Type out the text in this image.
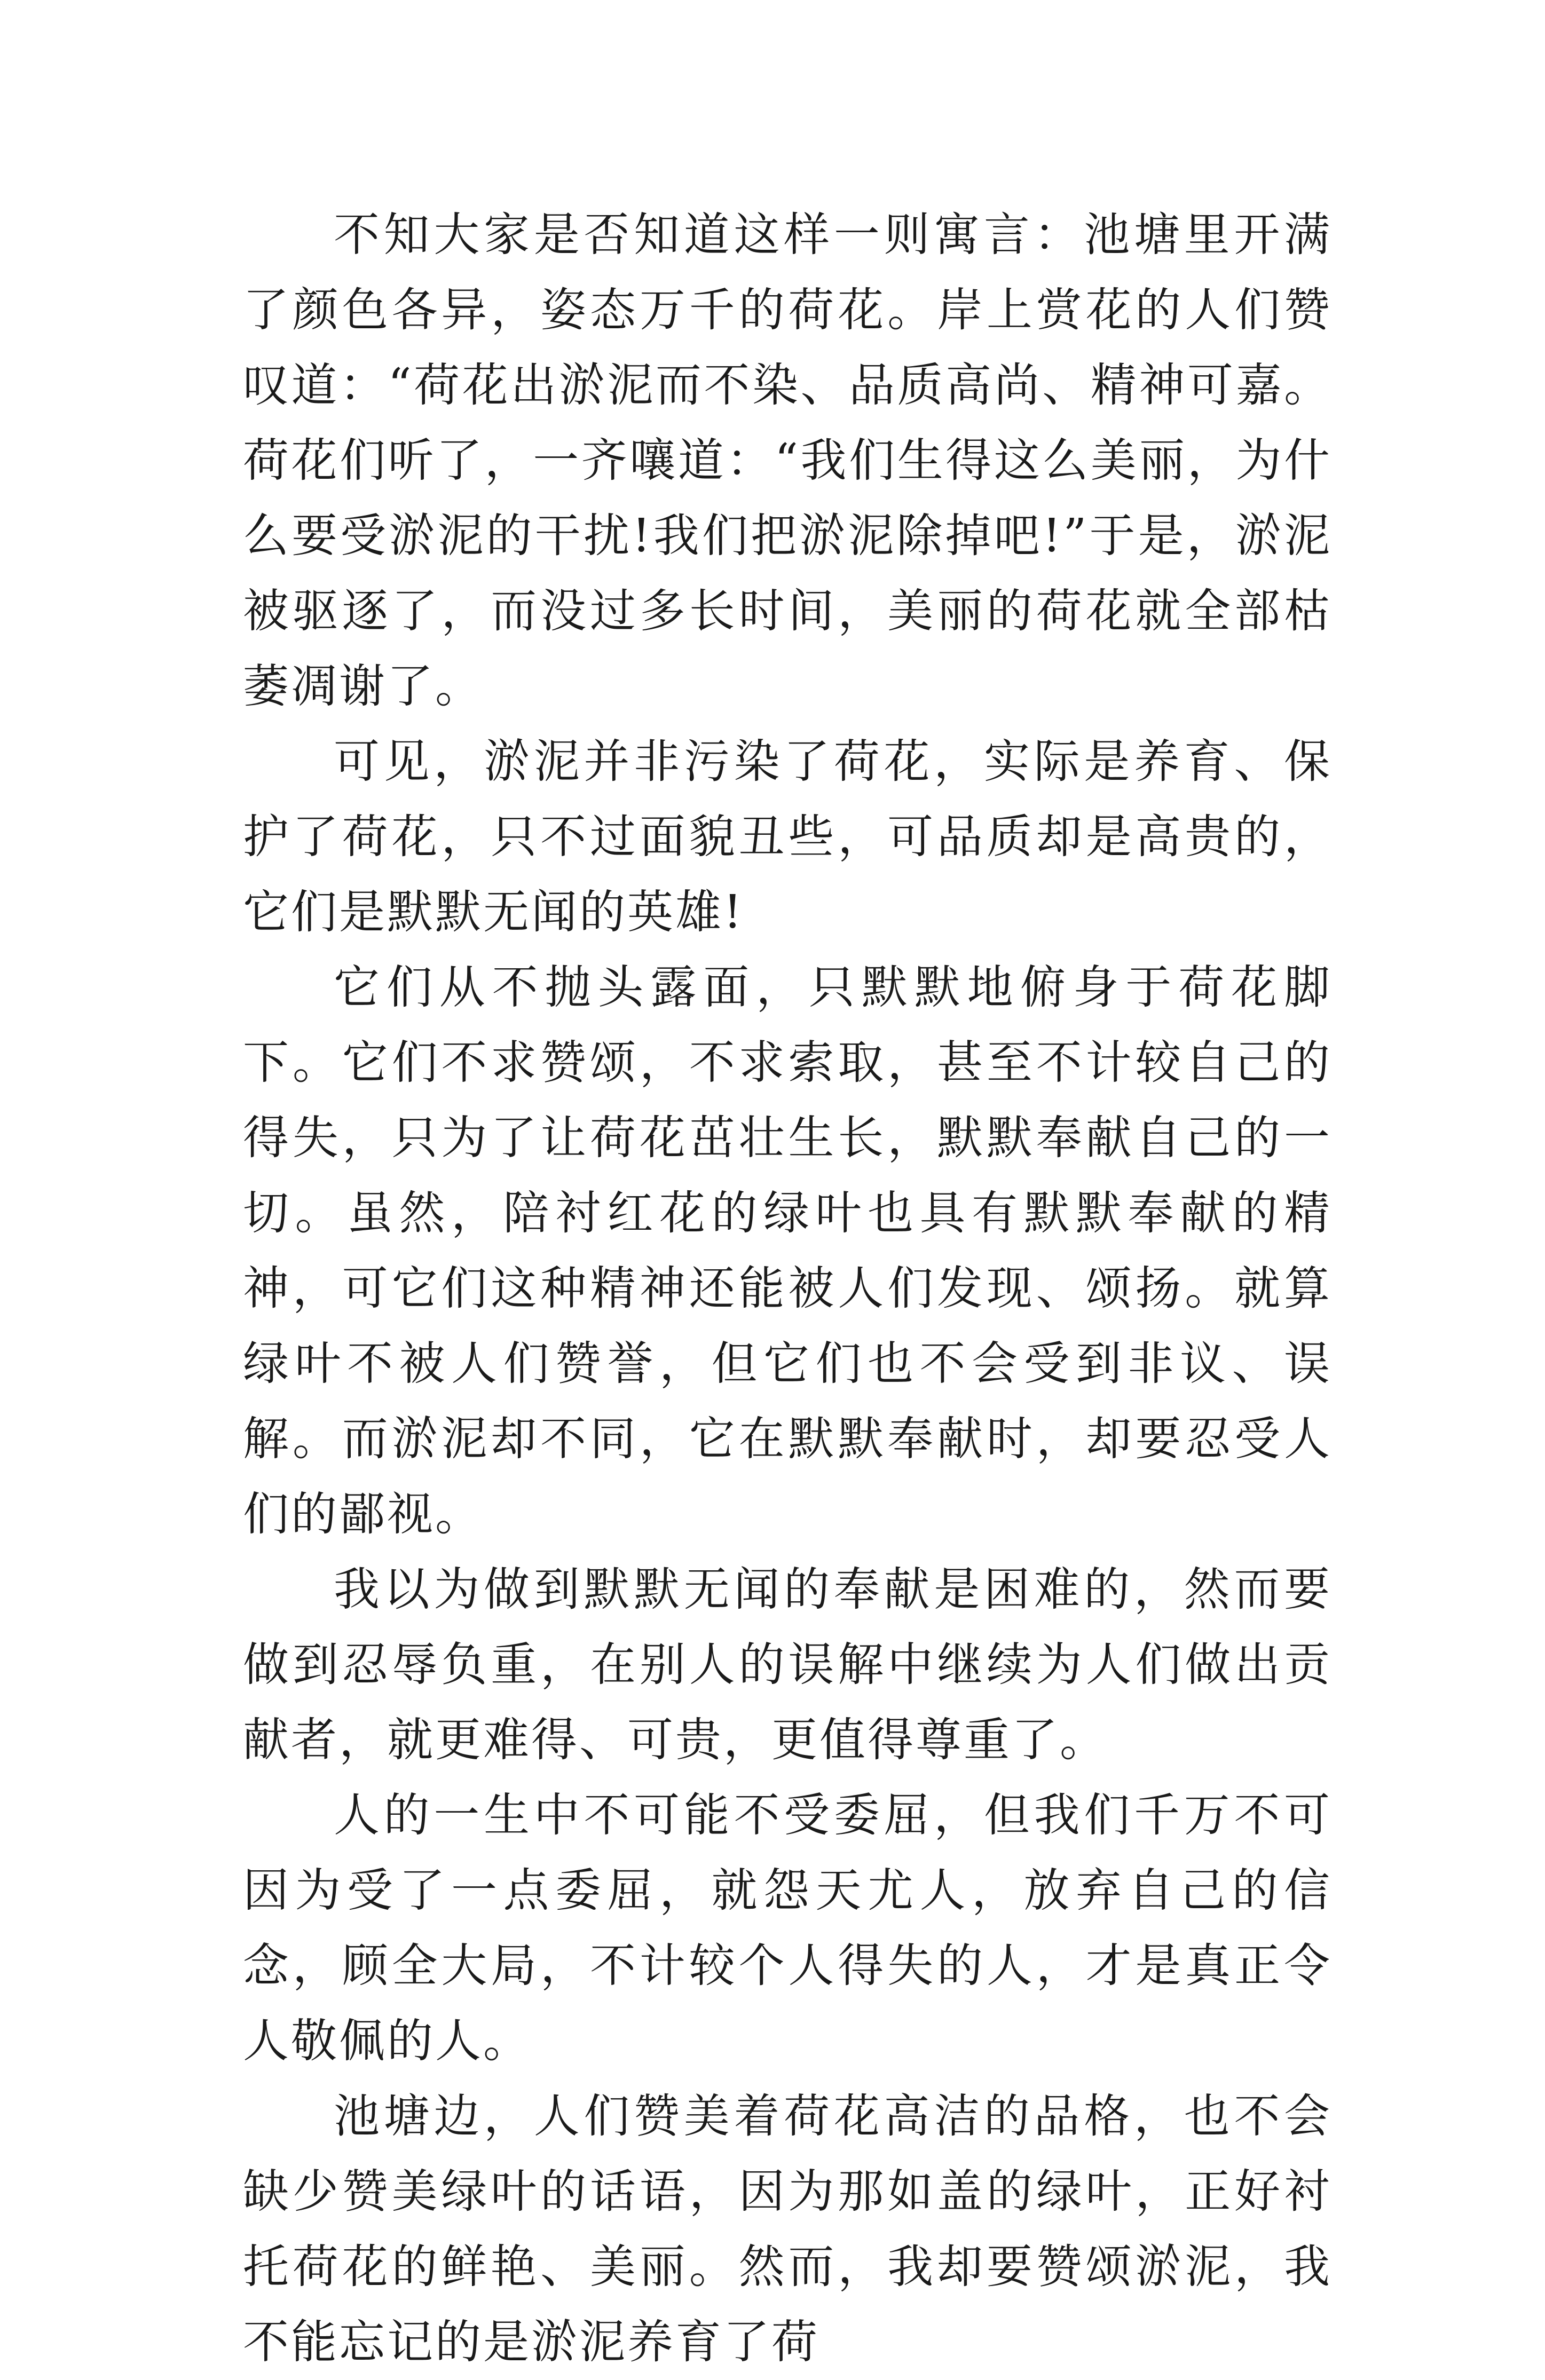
不知大家是否知道这样一则寓言：池塘里开满了颜色各异，姿态万千的荷花。岸上赏花的人们赞叹道：“荷花出淤泥而不染、品质高尚、精神可嘉。荷花们听了，一齐嚷道：“我们生得这么美丽，为什么要受淤泥的干扰!我们把淤泥除掉吧!”于是，淤泥被驱逐了，而没过多长时间，美丽的荷花就全部枯萎凋谢了。

可见，淤泥并非污染了荷花，实际是养育、保护了荷花，只不过面貌丑些，可品质却是高贵的，它们是默默无闻的英雄!

它们从不抛头露面，只默默地俯身于荷花脚下。它们不求赞颂，不求索取，甚至不计较自己的得失，只为了让荷花茁壮生长，默默奉献自己的一切。虽然，陪衬红花的绿叶也具有默默奉献的精神，可它们这种精神还能被人们发现、颂扬。就算绿叶不被人们赞誉，但它们也不会受到非议、误解。而淤泥却不同，它在默默奉献时，却要忍受人们的鄙视。

我以为做到默默无闻的奉献是困难的，然而要做到忍辱负重，在别人的误解中继续为人们做出贡献者，就更难得、可贵，更值得尊重了。

人的一生中不可能不受委屈，但我们千万不可因为受了一点委屈，就怨天尤人，放弃自己的信念，顾全大局，不计较个人得失的人，才是真正令人敬佩的人。

池塘边，人们赞美着荷花高洁的品格，也不会缺少赞美绿叶的话语，因为那如盖的绿叶，正好衬托荷花的鲜艳、美丽。然而，我却要赞颂淤泥，我不能忘记的是淤泥养育了荷
